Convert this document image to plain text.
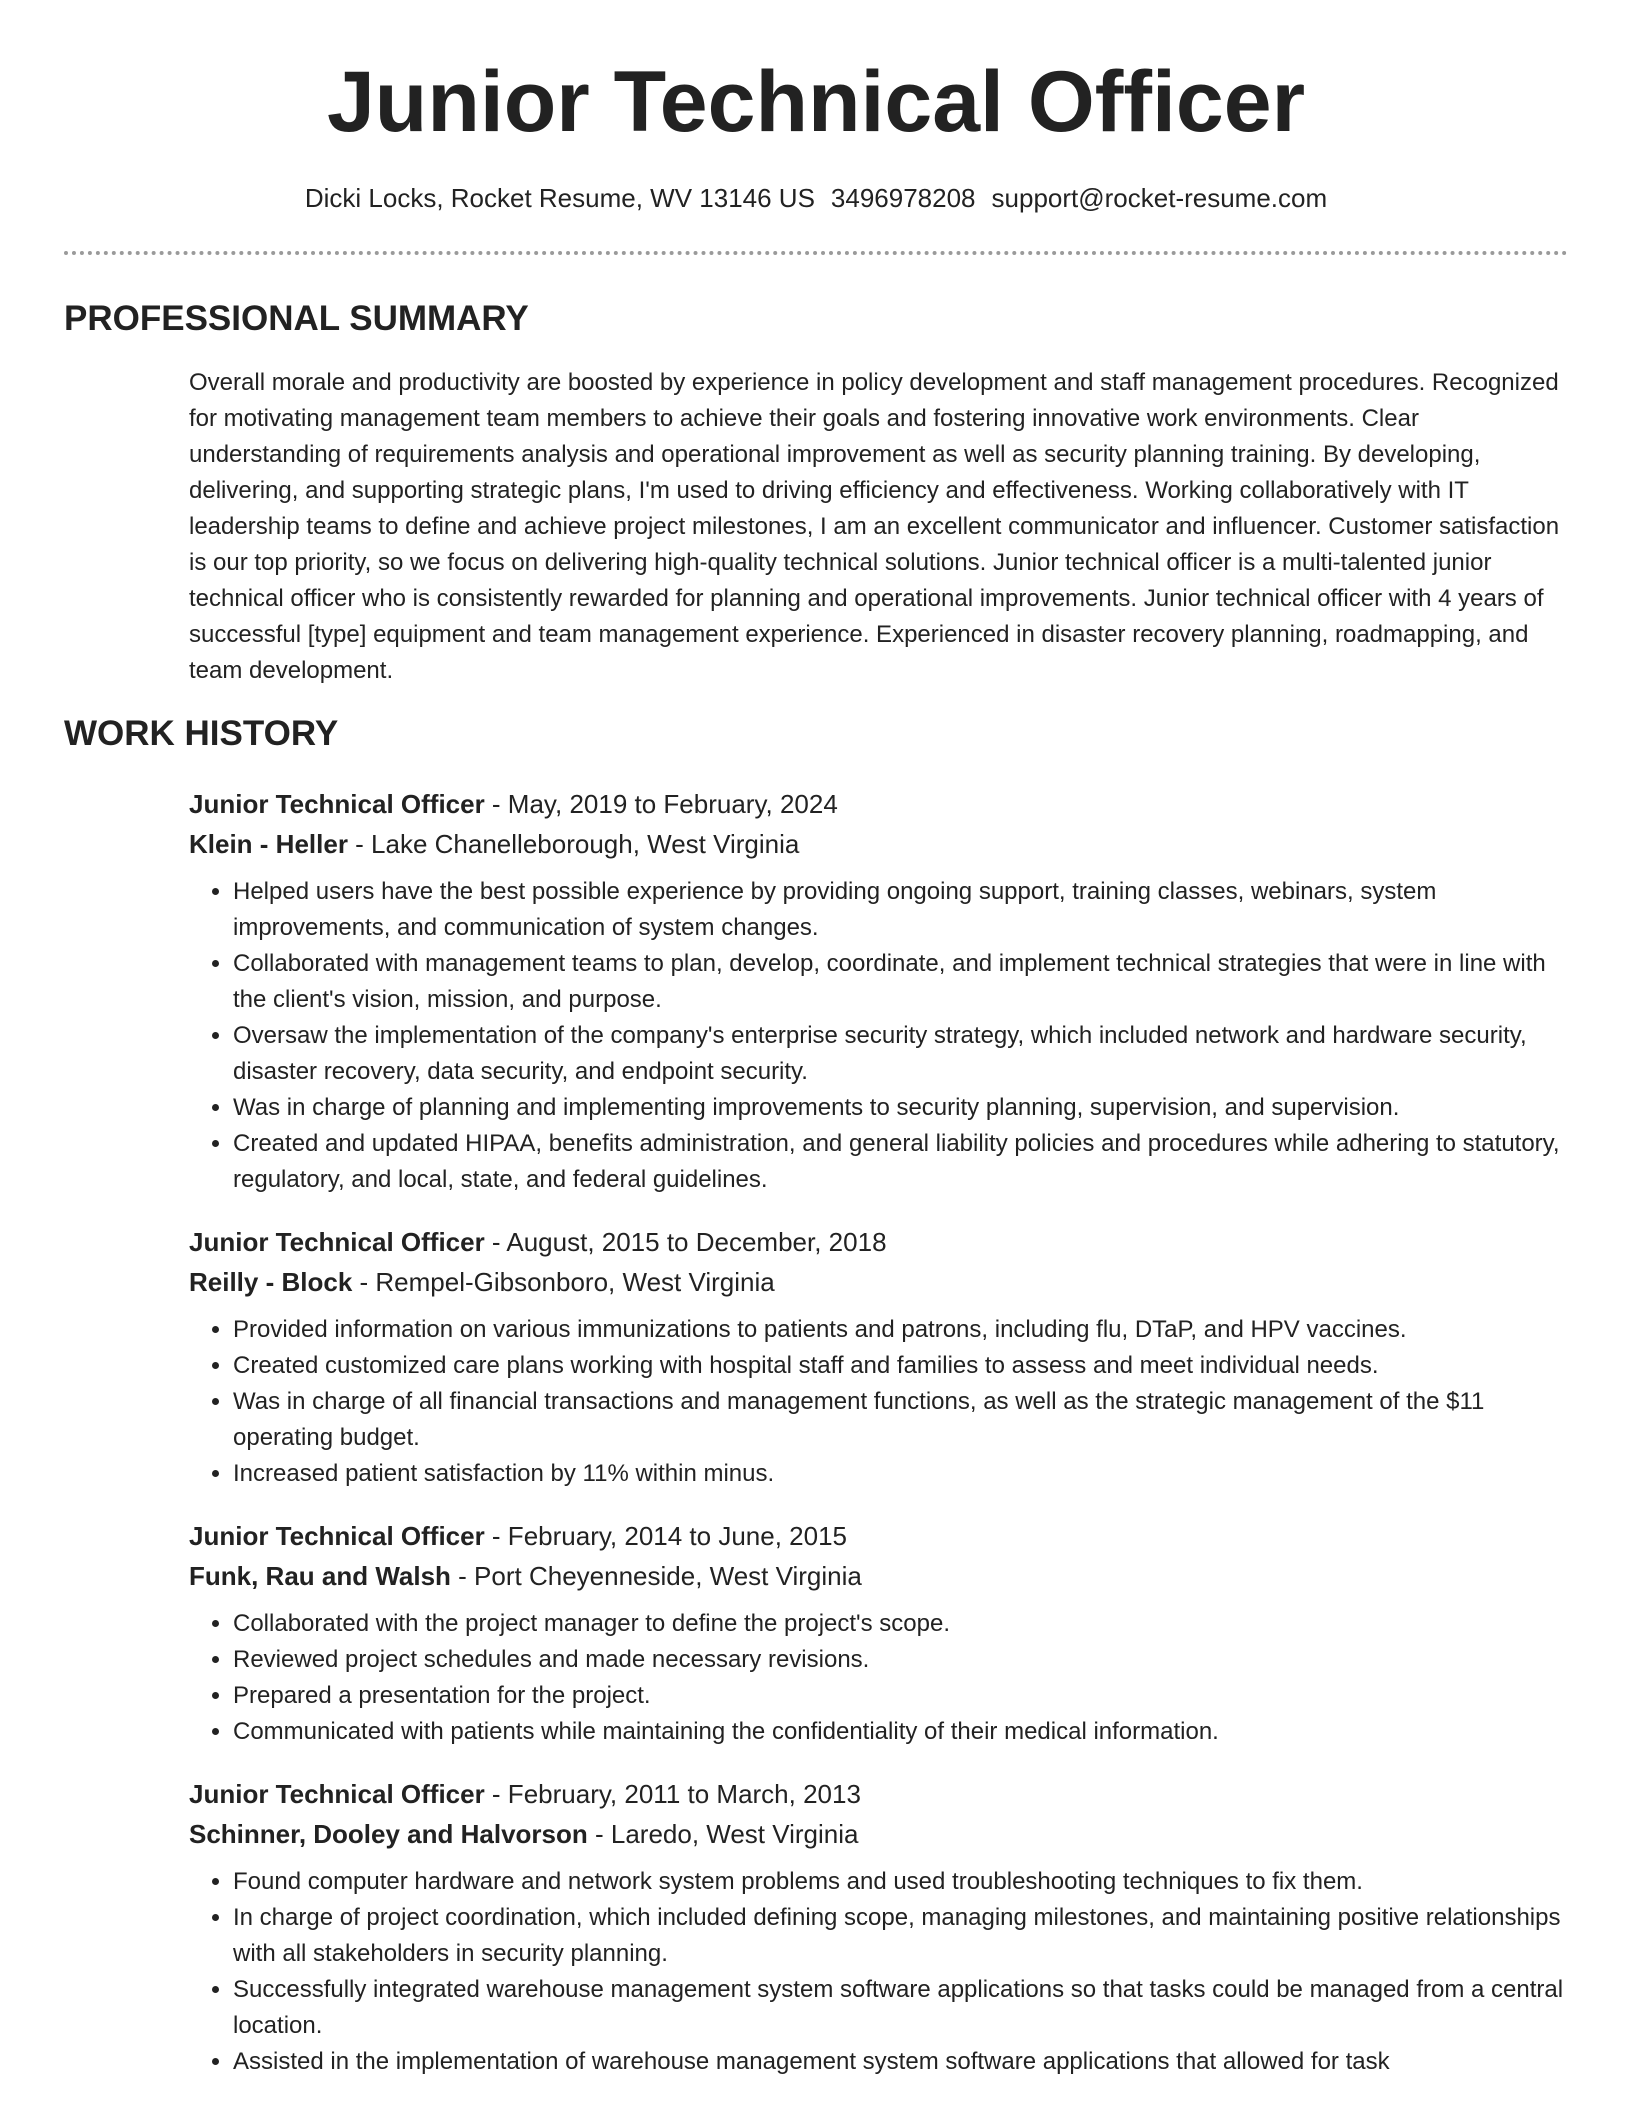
Junior Technical Officer
Dicki Locks, Rocket Resume, WV 13146 US 3496978208 support@rocket-resume.com
PROFESSIONAL SUMMARY

Overall morale and productivity are boosted by experience in policy development and staff management procedures. Recognized for motivating management team members to achieve their goals and fostering innovative work environments. Clear understanding of requirements analysis and operational improvement as well as security planning training. By developing, delivering, and supporting strategic plans, I'm used to driving efficiency and effectiveness. Working collaboratively with IT leadership teams to define and achieve project milestones, I am an excellent communicator and influencer. Customer satisfaction is our top priority, so we focus on delivering high-quality technical solutions. Junior technical officer is a multi-talented junior technical officer who is consistently rewarded for planning and operational improvements. Junior technical officer with 4 years of successful [type] equipment and team management experience. Experienced in disaster recovery planning, roadmapping, and team development.

WORK HISTORY
Junior Technical Officer - May, 2019 to February, 2024
Klein - Heller - Lake Chanelleborough, West Virginia
• Helped users have the best possible experience by providing ongoing support, training classes, webinars, system improvements, and communication of system changes.
• Collaborated with management teams to plan, develop, coordinate, and implement technical strategies that were in line with the client's vision, mission, and purpose.
• Oversaw the implementation of the company's enterprise security strategy, which included network and hardware security, disaster recovery, data security, and endpoint security.
• Was in charge of planning and implementing improvements to security planning, supervision, and supervision.
• Created and updated HIPAA, benefits administration, and general liability policies and procedures while adhering to statutory, regulatory, and local, state, and federal guidelines.
Junior Technical Officer - August, 2015 to December, 2018
Reilly - Block - Rempel-Gibsonboro, West Virginia
• Provided information on various immunizations to patients and patrons, including flu, DTaP, and HPV vaccines.
• Created customized care plans working with hospital staff and families to assess and meet individual needs.
• Was in charge of all financial transactions and management functions, as well as the strategic management of the $11 operating budget.
• Increased patient satisfaction by 11% within minus.
Junior Technical Officer - February, 2014 to June, 2015
Funk, Rau and Walsh - Port Cheyenneside, West Virginia
• Collaborated with the project manager to define the project's scope.
• Reviewed project schedules and made necessary revisions.
• Prepared a presentation for the project.
• Communicated with patients while maintaining the confidentiality of their medical information.
Junior Technical Officer - February, 2011 to March, 2013
Schinner, Dooley and Halvorson - Laredo, West Virginia
• Found computer hardware and network system problems and used troubleshooting techniques to fix them.
• In charge of project coordination, which included defining scope, managing milestones, and maintaining positive relationships with all stakeholders in security planning.
• Successfully integrated warehouse management system software applications so that tasks could be managed from a central location.
• Assisted in the implementation of warehouse management system software applications that allowed for task
